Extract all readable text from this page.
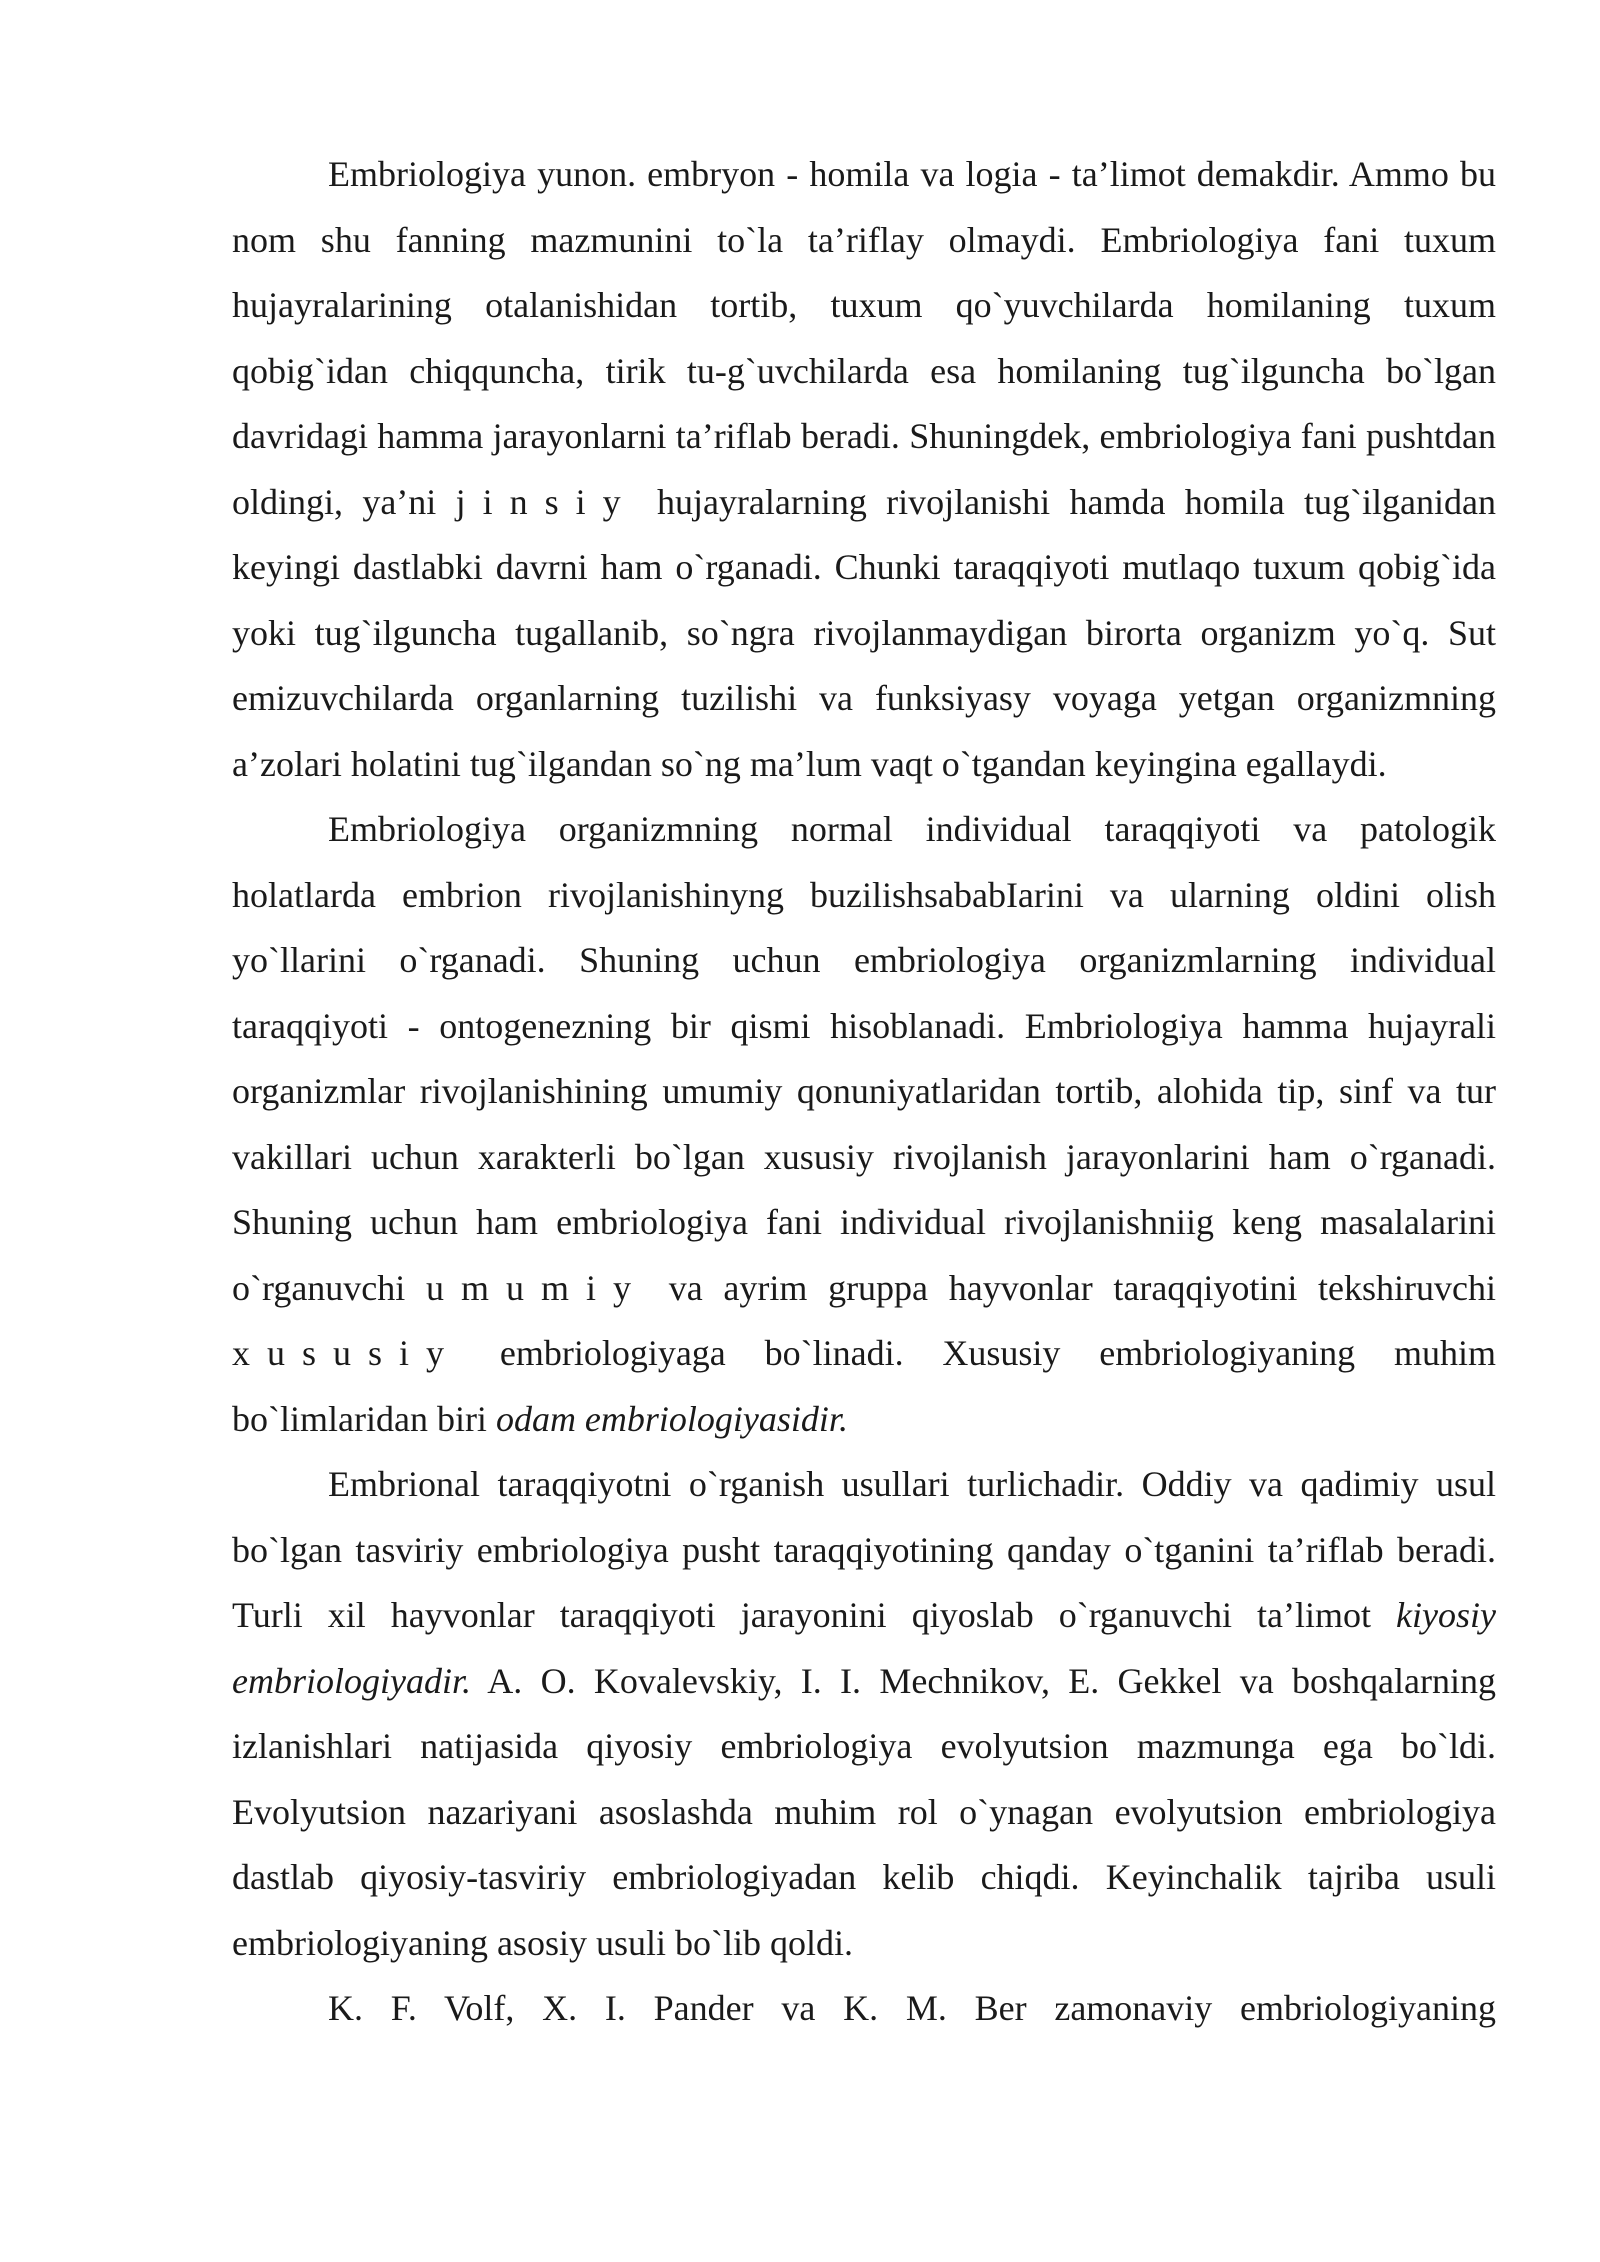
Embriologiya yunon. embryon - homila va logia - ta’limot demakdir. Ammo bu nom shu fanning mazmunini to`la ta’riflay olmaydi. Embriologiya fani tuxum hujayralarining otalanishidan tortib, tuxum qo`yuvchilarda homilaning tuxum qobig`idan chiqquncha, tirik tu-g`uvchilarda esa homilaning tug`ilguncha bo`lgan davridagi hamma jarayonlarni ta’riflab beradi. Shuningdek, embriologiya fani pushtdan oldingi, ya’ni jinsiy hujayralarning rivojlanishi hamda homila tug`ilganidan keyingi dastlabki davrni ham o`rganadi. Chunki taraqqiyoti mutlaqo tuxum qobig`ida yoki tug`ilguncha tugallanib, so`ngra rivojlanmaydigan birorta organizm yo`q. Sut emizuvchilarda organlarning tuzilishi va funksiyasy voyaga yetgan organizmning a’zolari holatini tug`ilgandan so`ng ma’lum vaqt o`tgandan keyingina egallaydi.

Embriologiya organizmning normal individual taraqqiyoti va patologik holatlarda embrion rivojlanishinyng buzilishsababIarini va ularning oldini olish yo`llarini o`rganadi. Shuning uchun embriologiya organizmlarning individual taraqqiyoti - ontogenezning bir qismi hisoblanadi. Embriologiya hamma hujayrali organizmlar rivojlanishining umumiy qonuniyatlaridan tortib, alohida tip, sinf va tur vakillari uchun xarakterli bo`lgan xususiy rivojlanish jarayonlarini ham o`rganadi. Shuning uchun ham embriologiya fani individual rivojlanishniig keng masalalarini o`rganuvchi umumiy va ayrim gruppa hayvonlar taraqqiyotini tekshiruvchi xususiy embriologiyaga bo`linadi. Xususiy embriologiyaning muhim bo`limlaridan biri odam embriologiyasidir.

Embrional taraqqiyotni o`rganish usullari turlichadir. Oddiy va qadimiy usul bo`lgan tasviriy embriologiya pusht taraqqiyotining qanday o`tganini ta’riflab beradi. Turli xil hayvonlar taraqqiyoti jarayonini qiyoslab o`rganuvchi ta’limot kiyosiy embriologiyadir. A. O. Kovalevskiy, I. I. Mechnikov, E. Gekkel va boshqalarning izlanishlari natijasida qiyosiy embriologiya evolyutsion mazmunga ega bo`ldi. Evolyutsion nazariyani asoslashda muhim rol o`ynagan evolyutsion embriologiya dastlab qiyosiy-tasviriy embriologiyadan kelib chiqdi. Keyinchalik tajriba usuli embriologiyaning asosiy usuli bo`lib qoldi.

K. F. Volf, X. I. Pander va K. M. Ber zamonaviy embriologiyaning
